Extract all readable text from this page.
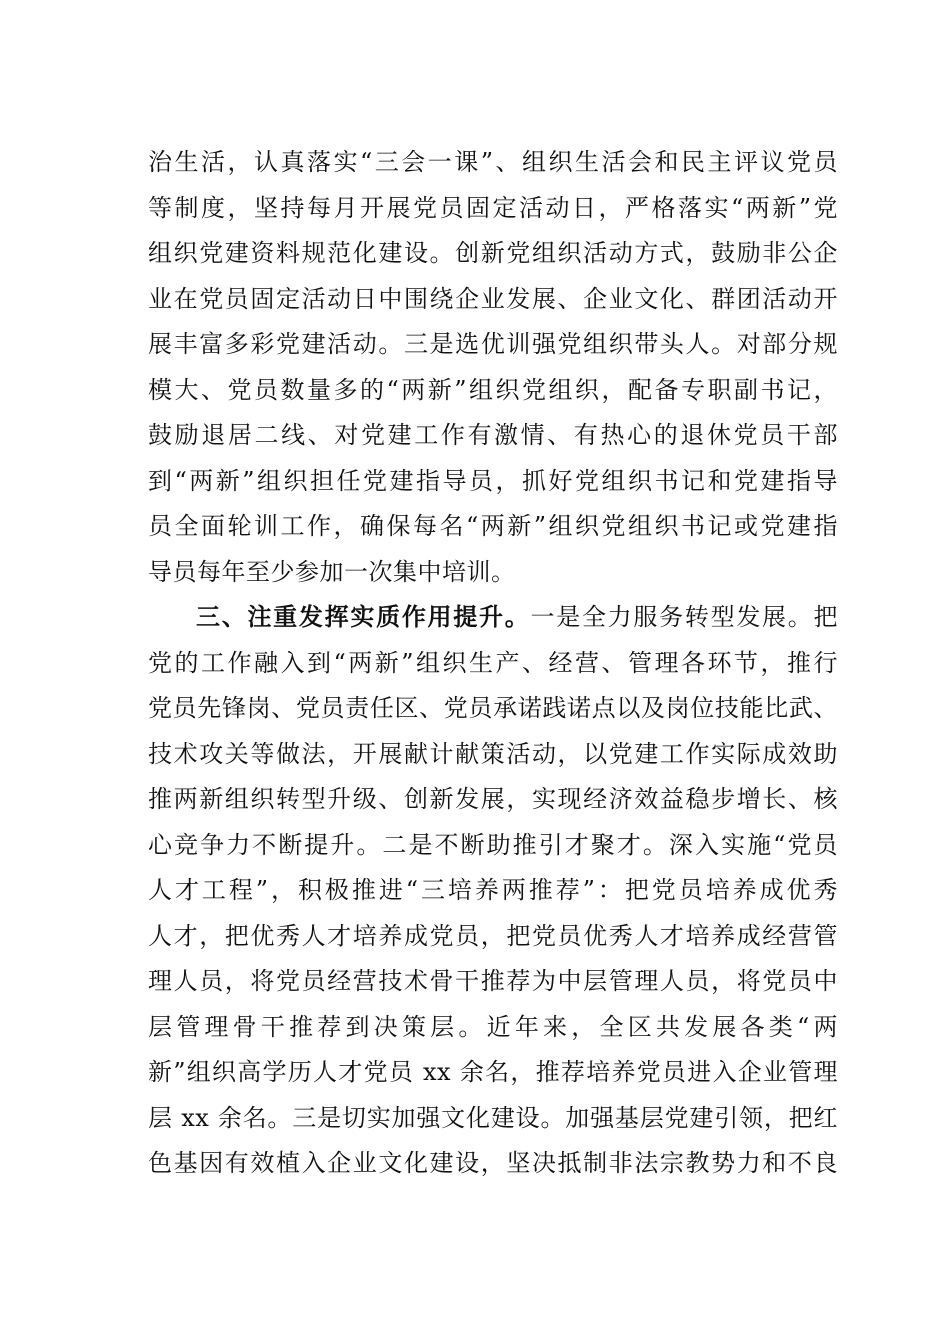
治生活，认真落实“三会一课”、组织生活会和民主评议党员
等制度，坚持每月开展党员固定活动日，严格落实“两新”党
组织党建资料规范化建设。创新党组织活动方式，鼓励非公企
业在党员固定活动日中围绕企业发展、企业文化、群团活动开
展丰富多彩党建活动。三是选优训强党组织带头人。对部分规
模大、党员数量多的“两新”组织党组织，配备专职副书记，
鼓励退居二线、对党建工作有激情、有热心的退休党员干部
到“两新”组织担任党建指导员，抓好党组织书记和党建指导
员全面轮训工作，确保每名“两新”组织党组织书记或党建指
导员每年至少参加一次集中培训。
三、注重发挥实质作用提升。一是全力服务转型发展。把
党的工作融入到“两新”组织生产、经营、管理各环节，推行
党员先锋岗、党员责任区、党员承诺践诺点以及岗位技能比武、
技术攻关等做法，开展献计献策活动，以党建工作实际成效助
推两新组织转型升级、创新发展，实现经济效益稳步增长、核
心竞争力不断提升。二是不断助推引才聚才。深入实施“党员
人才工程”，积极推进“三培养两推荐”：把党员培养成优秀
人才，把优秀人才培养成党员，把党员优秀人才培养成经营管
理人员，将党员经营技术骨干推荐为中层管理人员，将党员中
层管理骨干推荐到决策层。近年来，全区共发展各类“两
新”组织高学历人才党员 xx 余名，推荐培养党员进入企业管理
层 xx 余名。三是切实加强文化建设。加强基层党建引领，把红
色基因有效植入企业文化建设，坚决抵制非法宗教势力和不良
